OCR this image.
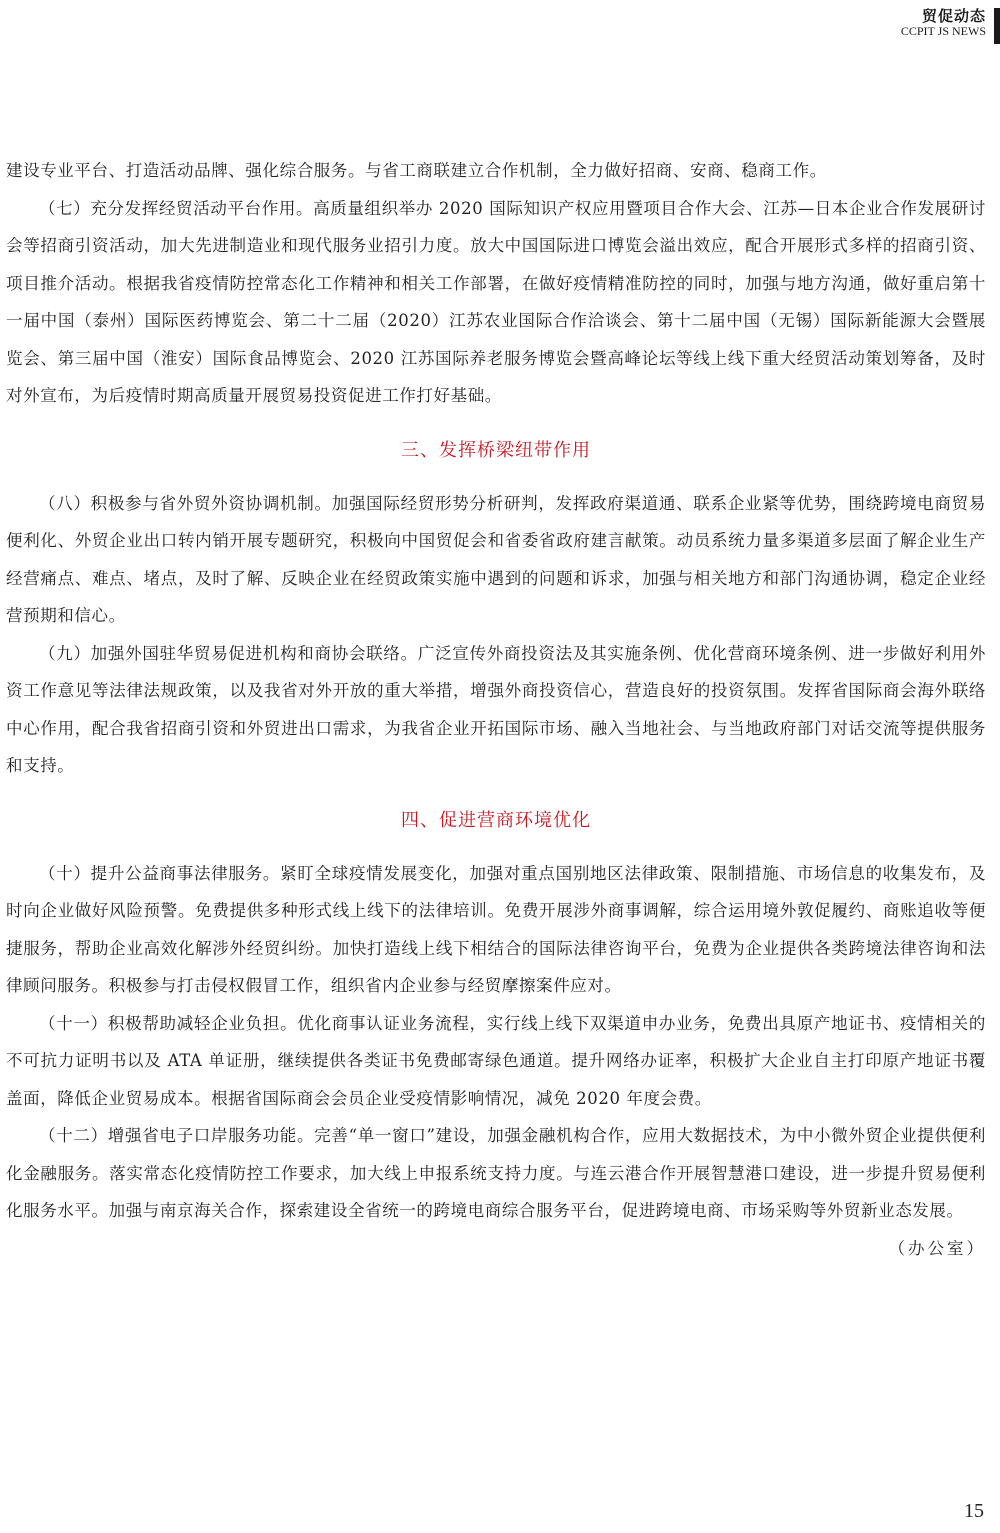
贸促动态
CCPIT JS NEWS

建设专业平台、打造活动品牌、强化综合服务。与省工商联建立合作机制，全力做好招商、安商、稳商工作。

（七）充分发挥经贸活动平台作用。高质量组织举办 2020 国际知识产权应用暨项目合作大会、江苏—日本企业合作发展研讨会等招商引资活动，加大先进制造业和现代服务业招引力度。放大中国国际进口博览会溢出效应，配合开展形式多样的招商引资、项目推介活动。根据我省疫情防控常态化工作精神和相关工作部署，在做好疫情精准防控的同时，加强与地方沟通，做好重启第十一届中国（泰州）国际医药博览会、第二十二届（2020）江苏农业国际合作洽谈会、第十二届中国（无锡）国际新能源大会暨展览会、第三届中国（淮安）国际食品博览会、2020 江苏国际养老服务博览会暨高峰论坛等线上线下重大经贸活动策划筹备，及时对外宣布，为后疫情时期高质量开展贸易投资促进工作打好基础。

三、发挥桥梁纽带作用

（八）积极参与省外贸外资协调机制。加强国际经贸形势分析研判，发挥政府渠道通、联系企业紧等优势，围绕跨境电商贸易便利化、外贸企业出口转内销开展专题研究，积极向中国贸促会和省委省政府建言献策。动员系统力量多渠道多层面了解企业生产经营痛点、难点、堵点，及时了解、反映企业在经贸政策实施中遇到的问题和诉求，加强与相关地方和部门沟通协调，稳定企业经营预期和信心。

（九）加强外国驻华贸易促进机构和商协会联络。广泛宣传外商投资法及其实施条例、优化营商环境条例、进一步做好利用外资工作意见等法律法规政策，以及我省对外开放的重大举措，增强外商投资信心，营造良好的投资氛围。发挥省国际商会海外联络中心作用，配合我省招商引资和外贸进出口需求，为我省企业开拓国际市场、融入当地社会、与当地政府部门对话交流等提供服务和支持。

四、促进营商环境优化

（十）提升公益商事法律服务。紧盯全球疫情发展变化，加强对重点国别地区法律政策、限制措施、市场信息的收集发布，及时向企业做好风险预警。免费提供多种形式线上线下的法律培训。免费开展涉外商事调解，综合运用境外敦促履约、商账追收等便捷服务，帮助企业高效化解涉外经贸纠纷。加快打造线上线下相结合的国际法律咨询平台，免费为企业提供各类跨境法律咨询和法律顾问服务。积极参与打击侵权假冒工作，组织省内企业参与经贸摩擦案件应对。

（十一）积极帮助减轻企业负担。优化商事认证业务流程，实行线上线下双渠道申办业务，免费出具原产地证书、疫情相关的不可抗力证明书以及 ATA 单证册，继续提供各类证书免费邮寄绿色通道。提升网络办证率，积极扩大企业自主打印原产地证书覆盖面，降低企业贸易成本。根据省国际商会会员企业受疫情影响情况，减免 2020 年度会费。

（十二）增强省电子口岸服务功能。完善“单一窗口”建设，加强金融机构合作，应用大数据技术，为中小微外贸企业提供便利化金融服务。落实常态化疫情防控工作要求，加大线上申报系统支持力度。与连云港合作开展智慧港口建设，进一步提升贸易便利化服务水平。加强与南京海关合作，探索建设全省统一的跨境电商综合服务平台，促进跨境电商、市场采购等外贸新业态发展。
（办公室）

15
